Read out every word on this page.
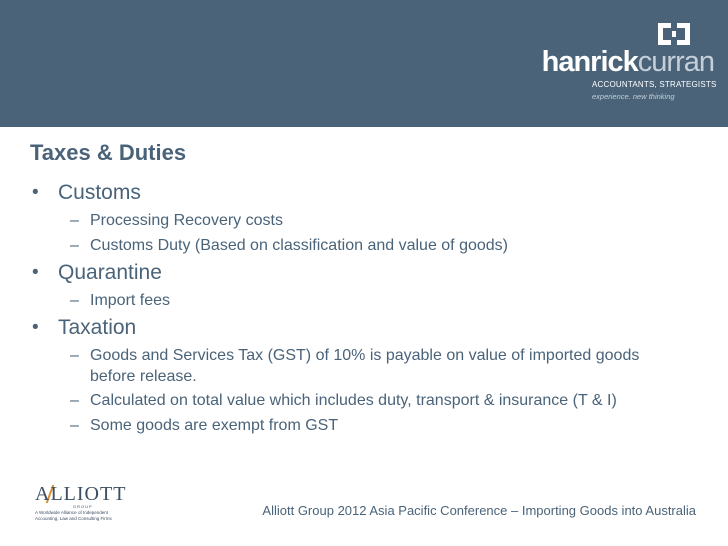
hanrickcurran
ACCOUNTANTS, STRATEGISTS
experience. new thinking
Taxes & Duties
• Customs
– Processing Recovery costs
– Customs Duty (Based on classification and value of goods)
• Quarantine
– Import fees
• Taxation
– Goods and Services Tax (GST) of 10% is payable on value of imported goods before release.
– Calculated on total value which includes duty, transport & insurance (T & I)
– Some goods are exempt from GST
ALLIOTT
GROUP
A Worldwide Alliance of Independent Accounting, Law and Consulting Firms
Alliott Group 2012 Asia Pacific Conference – Importing Goods into Australia
